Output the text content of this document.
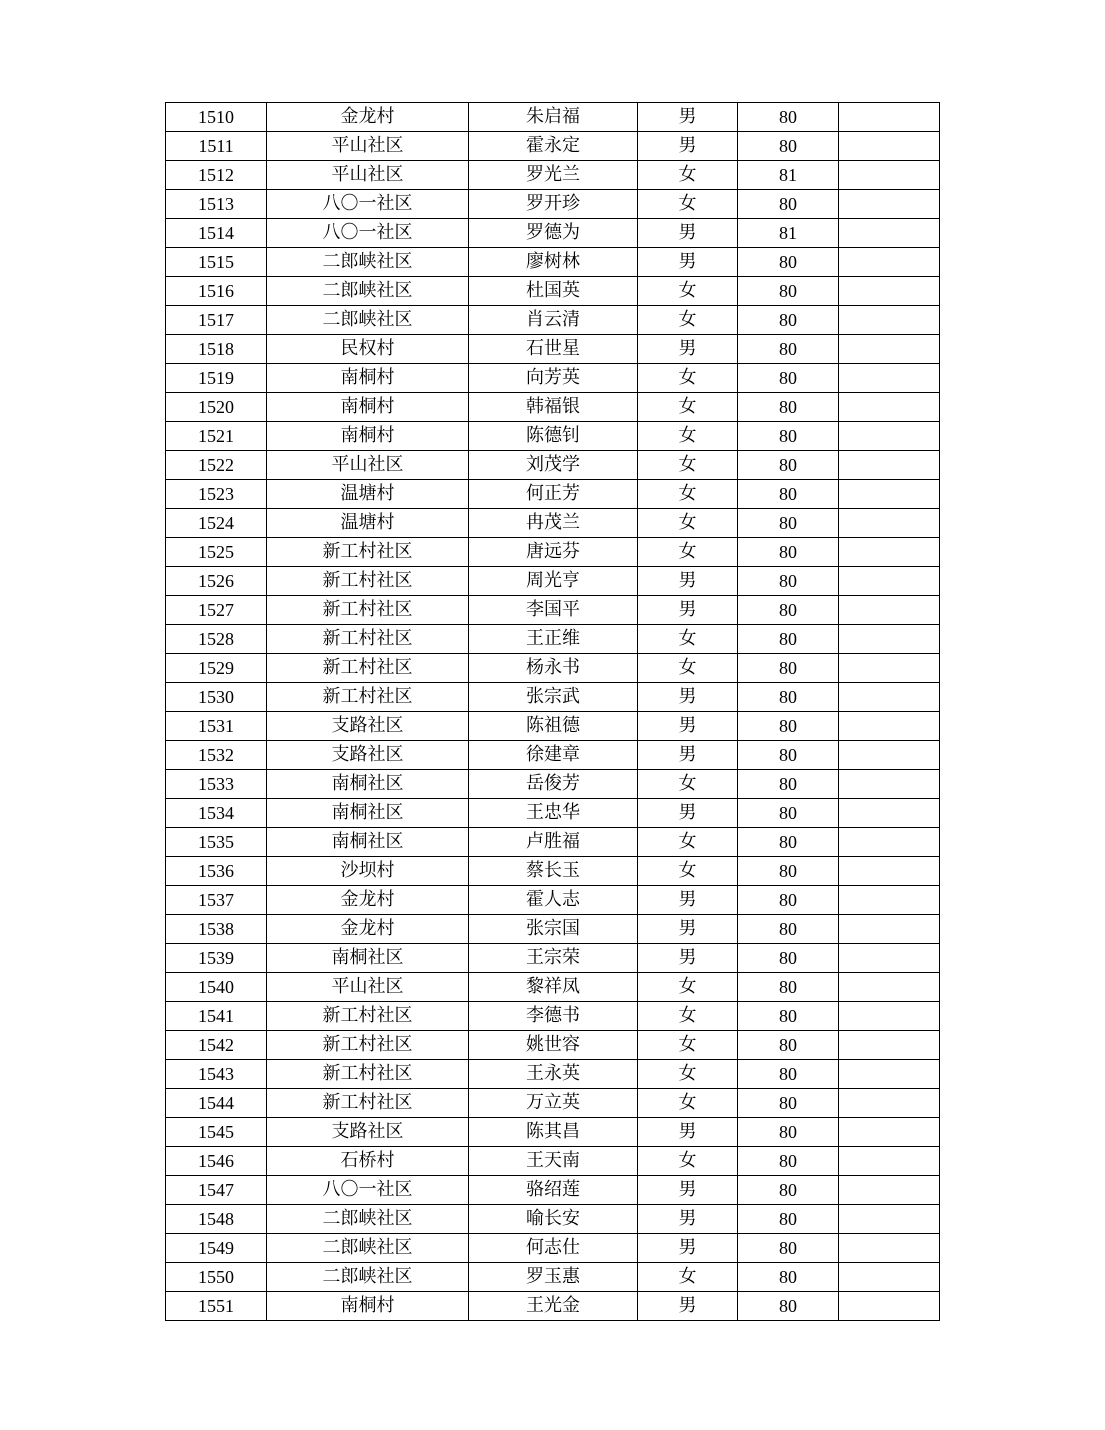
1510	金龙村	朱启福	男	80	
1511	平山社区	霍永定	男	80	
1512	平山社区	罗光兰	女	81	
1513	八〇一社区	罗开珍	女	80	
1514	八〇一社区	罗德为	男	81	
1515	二郎峡社区	廖树林	男	80	
1516	二郎峡社区	杜国英	女	80	
1517	二郎峡社区	肖云清	女	80	
1518	民权村	石世星	男	80	
1519	南桐村	向芳英	女	80	
1520	南桐村	韩福银	女	80	
1521	南桐村	陈德钊	女	80	
1522	平山社区	刘茂学	女	80	
1523	温塘村	何正芳	女	80	
1524	温塘村	冉茂兰	女	80	
1525	新工村社区	唐远芬	女	80	
1526	新工村社区	周光亨	男	80	
1527	新工村社区	李国平	男	80	
1528	新工村社区	王正维	女	80	
1529	新工村社区	杨永书	女	80	
1530	新工村社区	张宗武	男	80	
1531	支路社区	陈祖德	男	80	
1532	支路社区	徐建章	男	80	
1533	南桐社区	岳俊芳	女	80	
1534	南桐社区	王忠华	男	80	
1535	南桐社区	卢胜福	女	80	
1536	沙坝村	蔡长玉	女	80	
1537	金龙村	霍人志	男	80	
1538	金龙村	张宗国	男	80	
1539	南桐社区	王宗荣	男	80	
1540	平山社区	黎祥凤	女	80	
1541	新工村社区	李德书	女	80	
1542	新工村社区	姚世容	女	80	
1543	新工村社区	王永英	女	80	
1544	新工村社区	万立英	女	80	
1545	支路社区	陈其昌	男	80	
1546	石桥村	王天南	女	80	
1547	八〇一社区	骆绍莲	男	80	
1548	二郎峡社区	喻长安	男	80	
1549	二郎峡社区	何志仕	男	80	
1550	二郎峡社区	罗玉惠	女	80	
1551	南桐村	王光金	男	80	
